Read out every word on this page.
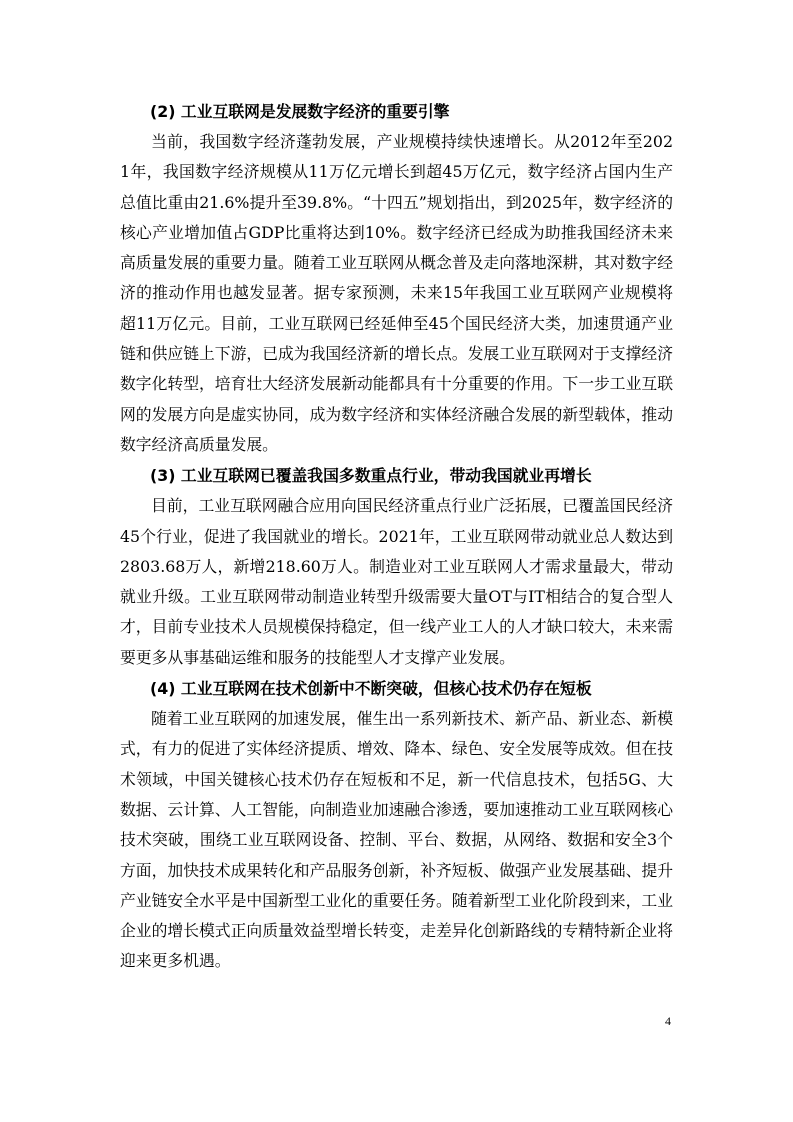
(2) 工业互联网是发展数字经济的重要引擎

当前，我国数字经济蓬勃发展，产业规模持续快速增长。从2012年至2021年，我国数字经济规模从11万亿元增长到超45万亿元，数字经济占国内生产总值比重由21.6%提升至39.8%。“十四五”规划指出，到2025年，数字经济的核心产业增加值占GDP比重将达到10%。数字经济已经成为助推我国经济未来高质量发展的重要力量。随着工业互联网从概念普及走向落地深耕，其对数字经济的推动作用也越发显著。据专家预测，未来15年我国工业互联网产业规模将超11万亿元。目前，工业互联网已经延伸至45个国民经济大类，加速贯通产业链和供应链上下游，已成为我国经济新的增长点。发展工业互联网对于支撑经济数字化转型，培育壮大经济发展新动能都具有十分重要的作用。下一步工业互联网的发展方向是虚实协同，成为数字经济和实体经济融合发展的新型载体，推动数字经济高质量发展。

(3) 工业互联网已覆盖我国多数重点行业，带动我国就业再增长

目前，工业互联网融合应用向国民经济重点行业广泛拓展，已覆盖国民经济45个行业，促进了我国就业的增长。2021年，工业互联网带动就业总人数达到2803.68万人，新增218.60万人。制造业对工业互联网人才需求量最大，带动就业升级。工业互联网带动制造业转型升级需要大量OT与IT相结合的复合型人才，目前专业技术人员规模保持稳定，但一线产业工人的人才缺口较大，未来需要更多从事基础运维和服务的技能型人才支撑产业发展。

(4) 工业互联网在技术创新中不断突破，但核心技术仍存在短板

随着工业互联网的加速发展，催生出一系列新技术、新产品、新业态、新模式，有力的促进了实体经济提质、增效、降本、绿色、安全发展等成效。但在技术领域，中国关键核心技术仍存在短板和不足，新一代信息技术，包括5G、大数据、云计算、人工智能，向制造业加速融合渗透，要加速推动工业互联网核心技术突破，围绕工业互联网设备、控制、平台、数据，从网络、数据和安全3个方面，加快技术成果转化和产品服务创新，补齐短板、做强产业发展基础、提升产业链安全水平是中国新型工业化的重要任务。随着新型工业化阶段到来，工业企业的增长模式正向质量效益型增长转变，走差异化创新路线的专精特新企业将迎来更多机遇。

4
